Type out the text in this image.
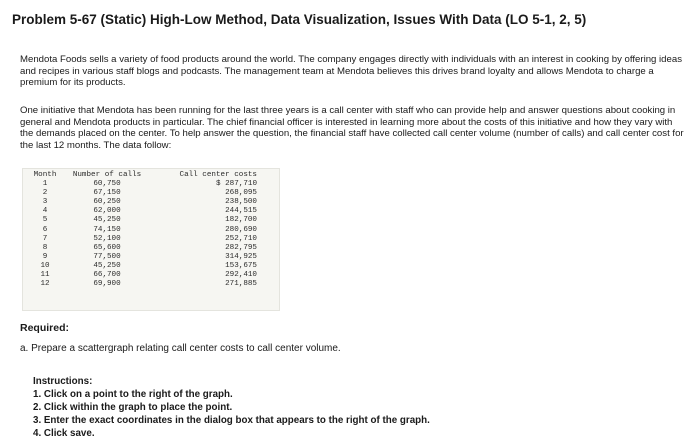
Problem 5-67 (Static) High-Low Method, Data Visualization, Issues With Data (LO 5-1, 2, 5)

Mendota Foods sells a variety of food products around the world. The company engages directly with individuals with an interest in cooking by offering ideas and recipes in various staff blogs and podcasts. The management team at Mendota believes this drives brand loyalty and allows Mendota to charge a premium for its products.

One initiative that Mendota has been running for the last three years is a call center with staff who can provide help and answer questions about cooking in general and Mendota products in particular. The chief financial officer is interested in learning more about the costs of this initiative and how they vary with the demands placed on the center. To help answer the question, the financial staff have collected call center volume (number of calls) and call center cost for the last 12 months. The data follow:

Month	Number of calls	Call center costs
1	60,750	$ 287,710
2	67,150	268,095
3	60,250	238,500
4	62,000	244,515
5	45,250	182,700
6	74,150	280,690
7	52,100	252,710
8	65,600	282,795
9	77,500	314,925
10	45,250	153,675
11	66,700	292,410
12	69,900	271,885
Required:
a. Prepare a scattergraph relating call center costs to call center volume.
Instructions:
1. Click on a point to the right of the graph.
2. Click within the graph to place the point.
3. Enter the exact coordinates in the dialog box that appears to the right of the graph.
4. Click save.
